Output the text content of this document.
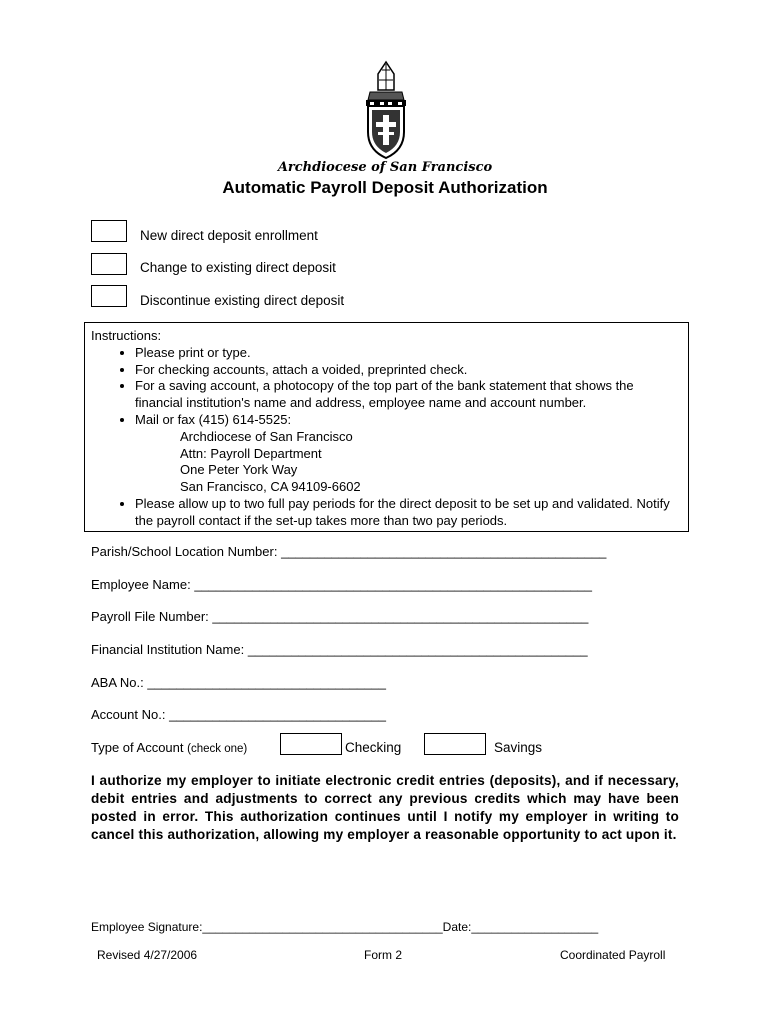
Archdiocese of San Francisco
Automatic Payroll Deposit Authorization
New direct deposit enrollment
Change to existing direct deposit
Discontinue existing direct deposit
Instructions:
• Please print or type.
• For checking accounts, attach a voided, preprinted check.
• For a saving account, a photocopy of the top part of the bank statement that shows the financial institution's name and address, employee name and account number.
• Mail or fax (415) 614-5525:
Archdiocese of San Francisco
Attn: Payroll Department
One Peter York Way
San Francisco, CA 94109-6602
• Please allow up to two full pay periods for the direct deposit to be set up and validated. Notify the payroll contact if the set-up takes more than two pay periods.
Parish/School Location Number: _____________________________________________
Employee Name: _______________________________________________________
Payroll File Number: ____________________________________________________
Financial Institution Name: _______________________________________________
ABA No.: _________________________________
Account No.: ______________________________
Type of Account (check one)	Checking	Savings
I authorize my employer to initiate electronic credit entries (deposits), and if necessary, debit entries and adjustments to correct any previous credits which may have been posted in error. This authorization continues until I notify my employer in writing to cancel this authorization, allowing my employer a reasonable opportunity to act upon it.
Employee Signature:____________________________________Date:___________________
Revised 4/27/2006	Form 2	Coordinated Payroll
